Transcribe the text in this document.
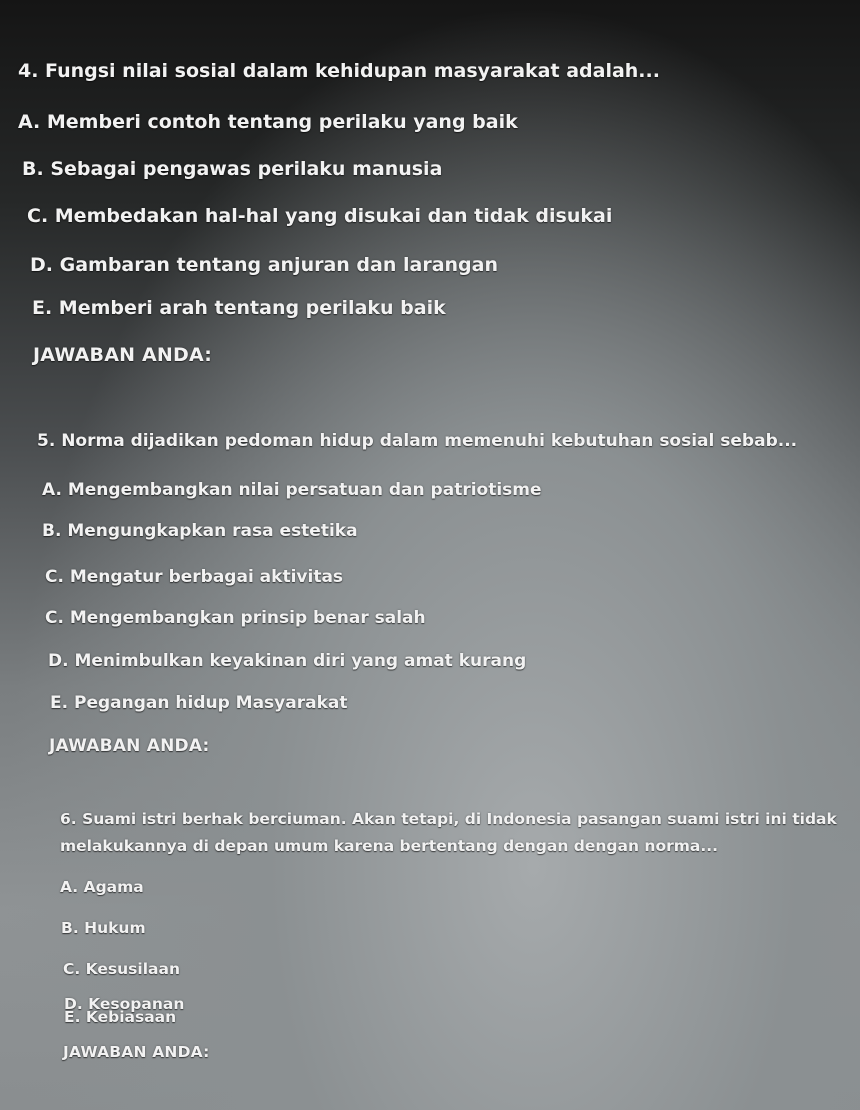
4. Fungsi nilai sosial dalam kehidupan masyarakat adalah...
A. Memberi contoh tentang perilaku yang baik
B. Sebagai pengawas perilaku manusia
C. Membedakan hal-hal yang disukai dan tidak disukai
D. Gambaran tentang anjuran dan larangan
E. Memberi arah tentang perilaku baik
JAWABAN ANDA:
5. Norma dijadikan pedoman hidup dalam memenuhi kebutuhan sosial sebab...
A. Mengembangkan nilai persatuan dan patriotisme
B. Mengungkapkan rasa estetika
C. Mengatur berbagai aktivitas
C. Mengembangkan prinsip benar salah
D. Menimbulkan keyakinan diri yang amat kurang
E. Pegangan hidup Masyarakat
JAWABAN ANDA:
6. Suami istri berhak berciuman. Akan tetapi, di Indonesia pasangan suami istri ini tidak
melakukannya di depan umum karena bertentang dengan dengan norma...
A. Agama
B. Hukum
C. Kesusilaan
D. Kesopanan
E. Kebiasaan
JAWABAN ANDA:
